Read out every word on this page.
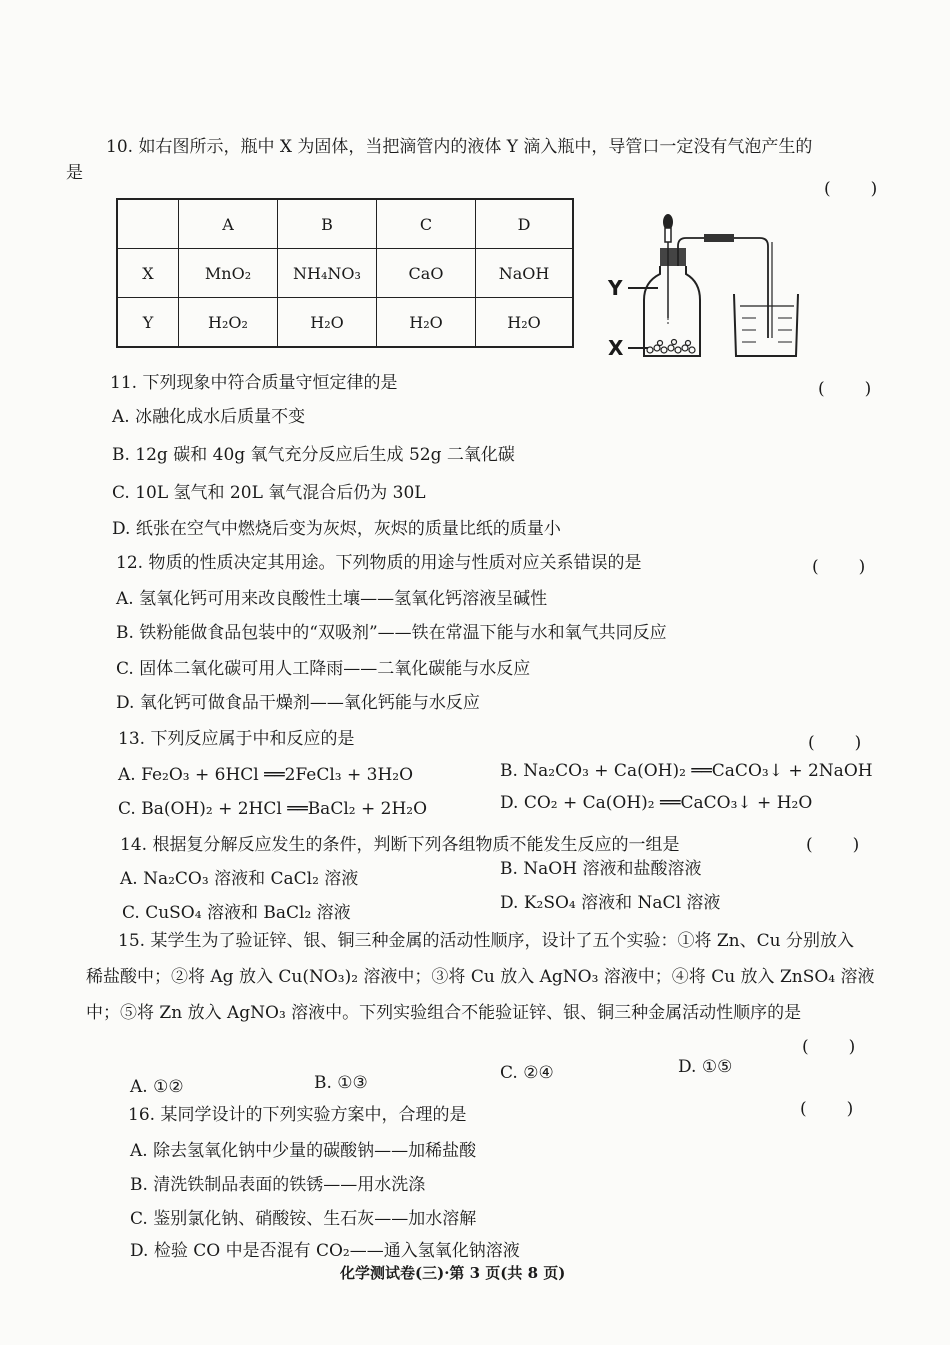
10. 如右图所示，瓶中 X 为固体，当把滴管内的液体 Y 滴入瓶中，导管口一定没有气泡产生的
是
(　　)
	A	B	C	D
X	MnO₂	NH₄NO₃	CaO	NaOH
Y	H₂O₂	H₂O	H₂O	H₂O
Y
X
11. 下列现象中符合质量守恒定律的是	(　　)
A. 冰融化成水后质量不变
B. 12g 碳和 40g 氧气充分反应后生成 52g 二氧化碳
C. 10L 氢气和 20L 氧气混合后仍为 30L
D. 纸张在空气中燃烧后变为灰烬，灰烬的质量比纸的质量小
12. 物质的性质决定其用途。下列物质的用途与性质对应关系错误的是	(　　)
A. 氢氧化钙可用来改良酸性土壤——氢氧化钙溶液呈碱性
B. 铁粉能做食品包装中的“双吸剂”——铁在常温下能与水和氧气共同反应
C. 固体二氧化碳可用人工降雨——二氧化碳能与水反应
D. 氧化钙可做食品干燥剂——氧化钙能与水反应
13. 下列反应属于中和反应的是	(　　)
A. Fe₂O₃ + 6HCl ══2FeCl₃ + 3H₂O	B. Na₂CO₃ + Ca(OH)₂ ══CaCO₃↓ + 2NaOH
C. Ba(OH)₂ + 2HCl ══BaCl₂ + 2H₂O	D. CO₂ + Ca(OH)₂ ══CaCO₃↓ + H₂O
14. 根据复分解反应发生的条件，判断下列各组物质不能发生反应的一组是	(　　)
A. Na₂CO₃ 溶液和 CaCl₂ 溶液	B. NaOH 溶液和盐酸溶液
C. CuSO₄ 溶液和 BaCl₂ 溶液	D. K₂SO₄ 溶液和 NaCl 溶液
15. 某学生为了验证锌、银、铜三种金属的活动性顺序，设计了五个实验：①将 Zn、Cu 分别放入
稀盐酸中；②将 Ag 放入 Cu(NO₃)₂ 溶液中；③将 Cu 放入 AgNO₃ 溶液中；④将 Cu 放入 ZnSO₄ 溶液
中；⑤将 Zn 放入 AgNO₃ 溶液中。下列实验组合不能验证锌、银、铜三种金属活动性顺序的是
(　　)
A. ①②	B. ①③	C. ②④	D. ①⑤
16. 某同学设计的下列实验方案中，合理的是	(　　)
A. 除去氢氧化钠中少量的碳酸钠——加稀盐酸
B. 清洗铁制品表面的铁锈——用水洗涤
C. 鉴别氯化钠、硝酸铵、生石灰——加水溶解
D. 检验 CO 中是否混有 CO₂——通入氢氧化钠溶液
化学测试卷(三)·第 3 页(共 8 页)
